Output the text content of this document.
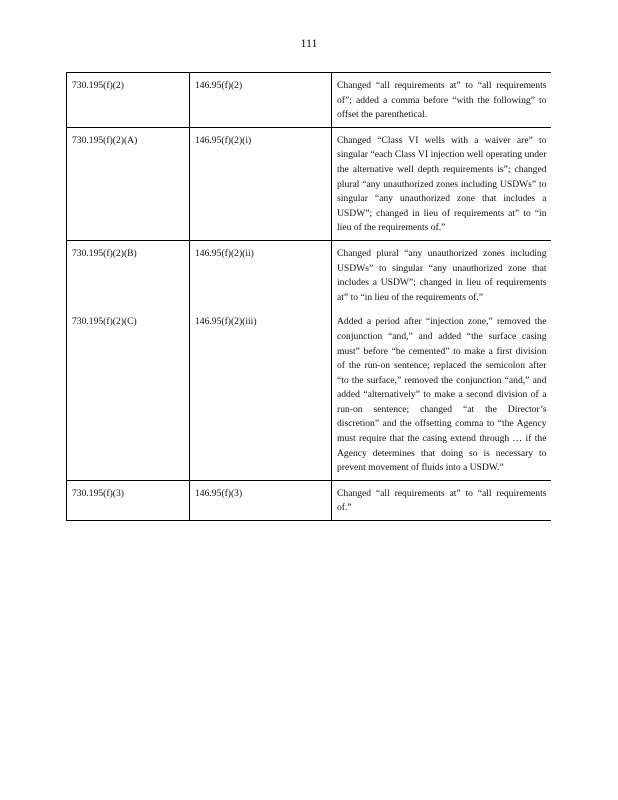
111
730.195(f)(2)	146.95(f)(2)	Changed “all requirements at” to “all requirements of”; added a comma before “with the following” to offset the parenthetical.
730.195(f)(2)(A)	146.95(f)(2)(i)	Changed “Class VI wells with a waiver are” to singular “each Class VI injection well operating under the alternative well depth requirements is”; changed plural “any unauthorized zones including USDWs” to singular “any unauthorized zone that includes a USDW”; changed in lieu of requirements at” to “in lieu of the requirements of.”
730.195(f)(2)(B)	146.95(f)(2)(ii)	Changed plural “any unauthorized zones including USDWs” to singular “any unauthorized zone that includes a USDW”; changed in lieu of requirements at” to “in lieu of the requirements of.”
730.195(f)(2)(C)	146.95(f)(2)(iii)	Added a period after “injection zone,” removed the conjunction “and,” and added “the surface casing must” before “be cemented” to make a first division of the run-on sentence; replaced the semicolon after “to the surface,” removed the conjunction “and,” and added “alternatively” to make a second division of a run-on sentence; changed “at the Director’s discretion” and the offsetting comma to “the Agency must require that the casing extend through … if the Agency determines that doing so is necessary to prevent movement of fluids into a USDW.”
730.195(f)(3)	146.95(f)(3)	Changed “all requirements at” to “all requirements of.”
